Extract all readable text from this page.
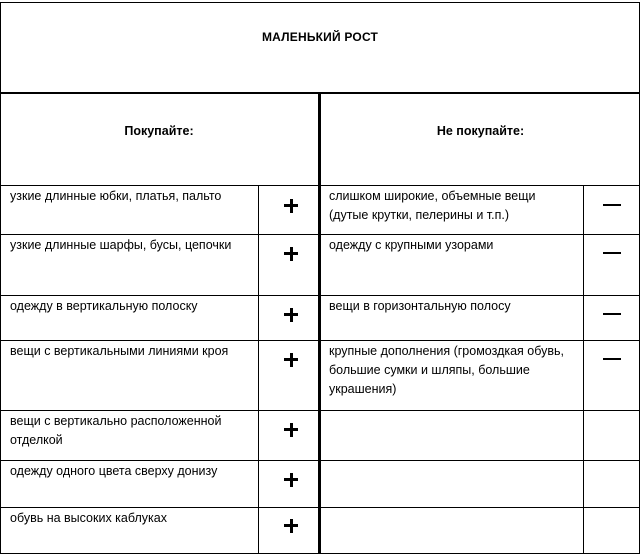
МАЛЕНЬКИЙ РОСТ
Покупайте:	Не покупайте:
узкие длинные юбки, платья, пальто
узкие длинные шарфы, бусы, цепочки
одежду в вертикальную полоску
вещи с вертикальными линиями кроя
вещи с вертикально расположенной отделкой
одежду одного цвета сверху донизу
обувь на высоких каблуках
слишком широкие, объемные вещи (дутые крутки, пелерины и т.п.)
одежду с крупными узорами
вещи в горизонтальную полосу
крупные дополнения (громоздкая обувь, большие сумки и шляпы, большие украшения)
